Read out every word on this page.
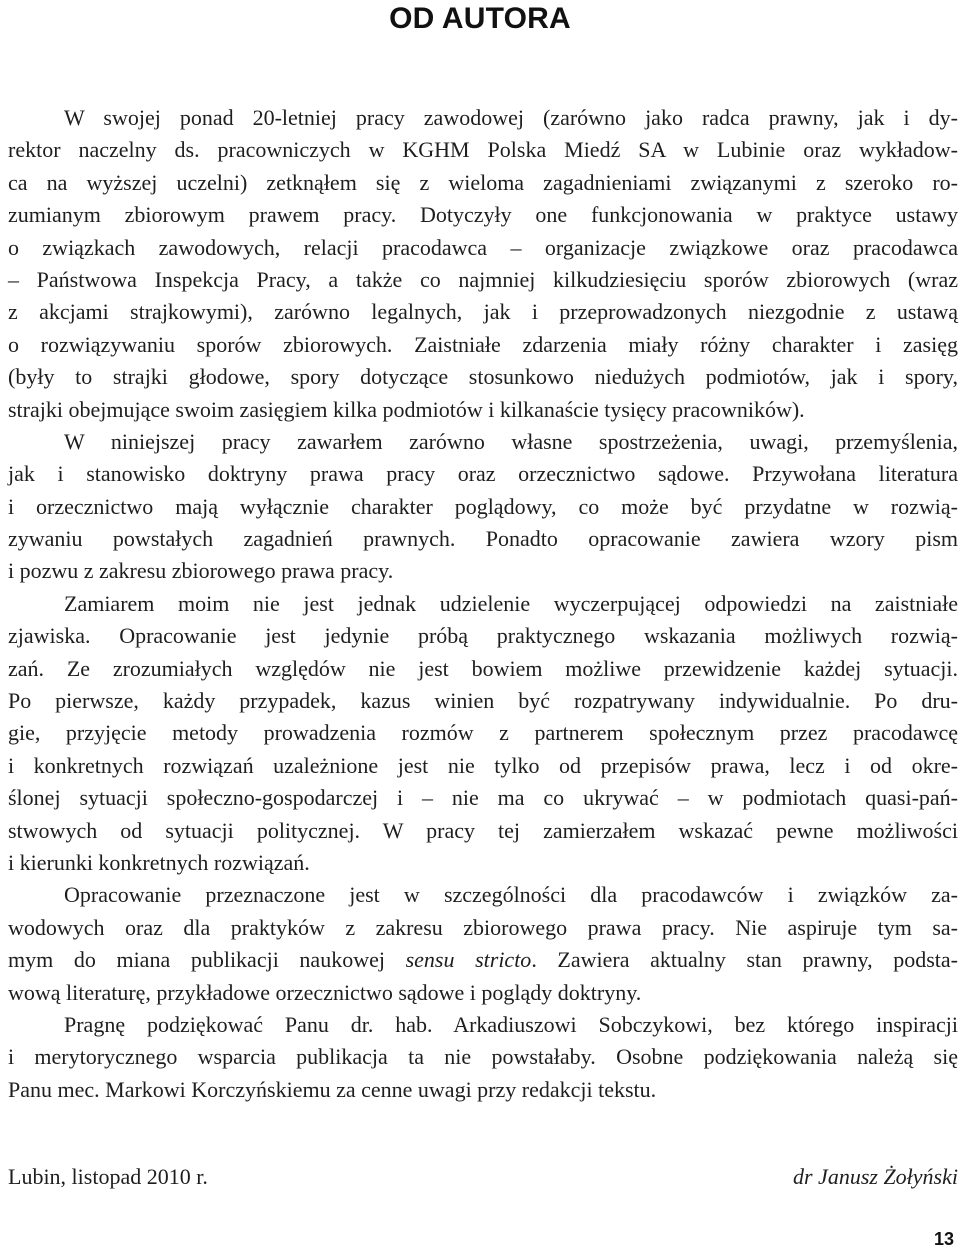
OD AUTORA
W swojej ponad 20-letniej pracy zawodowej (zarówno jako radca prawny, jak i dy-
rektor naczelny ds. pracowniczych w KGHM Polska Miedź SA w Lubinie oraz wykładow-
ca na wyższej uczelni) zetknąłem się z wieloma zagadnieniami związanymi z szeroko ro-
zumianym zbiorowym prawem pracy. Dotyczyły one funkcjonowania w praktyce ustawy
o związkach zawodowych, relacji pracodawca – organizacje związkowe oraz pracodawca
– Państwowa Inspekcja Pracy, a także co najmniej kilkudziesięciu sporów zbiorowych (wraz
z akcjami strajkowymi), zarówno legalnych, jak i przeprowadzonych niezgodnie z ustawą
o rozwiązywaniu sporów zbiorowych. Zaistniałe zdarzenia miały różny charakter i zasięg
(były to strajki głodowe, spory dotyczące stosunkowo niedużych podmiotów, jak i spory,
strajki obejmujące swoim zasięgiem kilka podmiotów i kilkanaście tysięcy pracowników).
W niniejszej pracy zawarłem zarówno własne spostrzeżenia, uwagi, przemyślenia,
jak i stanowisko doktryny prawa pracy oraz orzecznictwo sądowe. Przywołana literatura
i orzecznictwo mają wyłącznie charakter poglądowy, co może być przydatne w rozwią-
zywaniu powstałych zagadnień prawnych. Ponadto opracowanie zawiera wzory pism
i pozwu z zakresu zbiorowego prawa pracy.
Zamiarem moim nie jest jednak udzielenie wyczerpującej odpowiedzi na zaistniałe
zjawiska. Opracowanie jest jedynie próbą praktycznego wskazania możliwych rozwią-
zań. Ze zrozumiałych względów nie jest bowiem możliwe przewidzenie każdej sytuacji.
Po pierwsze, każdy przypadek, kazus winien być rozpatrywany indywidualnie. Po dru-
gie, przyjęcie metody prowadzenia rozmów z partnerem społecznym przez pracodawcę
i konkretnych rozwiązań uzależnione jest nie tylko od przepisów prawa, lecz i od okre-
ślonej sytuacji społeczno-gospodarczej i – nie ma co ukrywać – w podmiotach quasi-pań-
stwowych od sytuacji politycznej. W pracy tej zamierzałem wskazać pewne możliwości
i kierunki konkretnych rozwiązań.
Opracowanie przeznaczone jest w szczególności dla pracodawców i związków za-
wodowych oraz dla praktyków z zakresu zbiorowego prawa pracy. Nie aspiruje tym sa-
mym do miana publikacji naukowej sensu stricto. Zawiera aktualny stan prawny, podsta-
wową literaturę, przykładowe orzecznictwo sądowe i poglądy doktryny.
Pragnę podziękować Panu dr. hab. Arkadiuszowi Sobczykowi, bez którego inspiracji
i merytorycznego wsparcia publikacja ta nie powstałaby. Osobne podziękowania należą się
Panu mec. Markowi Korczyńskiemu za cenne uwagi przy redakcji tekstu.
Lubin, listopad 2010 r.	dr Janusz Żołyński
13
